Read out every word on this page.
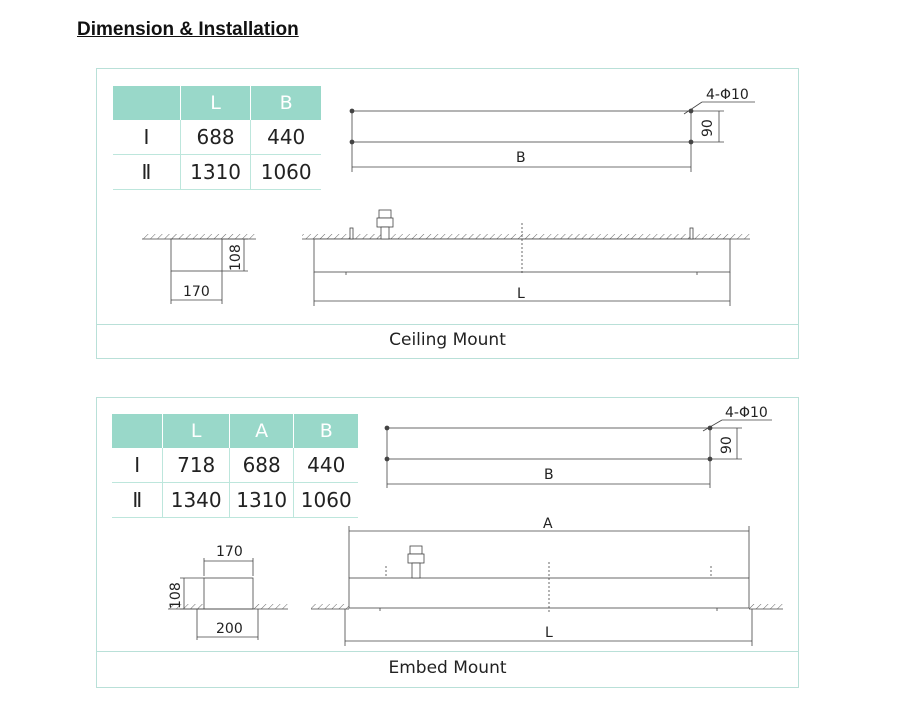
Dimension & Installation
Ceiling Mount
	L	B
I	688	440
Ⅱ	1310	1060
Embed Mount
	L	A	B
I	718	688	440
Ⅱ	1340	1310	1060
4-Φ10
90
B
108
170	L
4-Φ10
90
B
170
108
200
A
L
